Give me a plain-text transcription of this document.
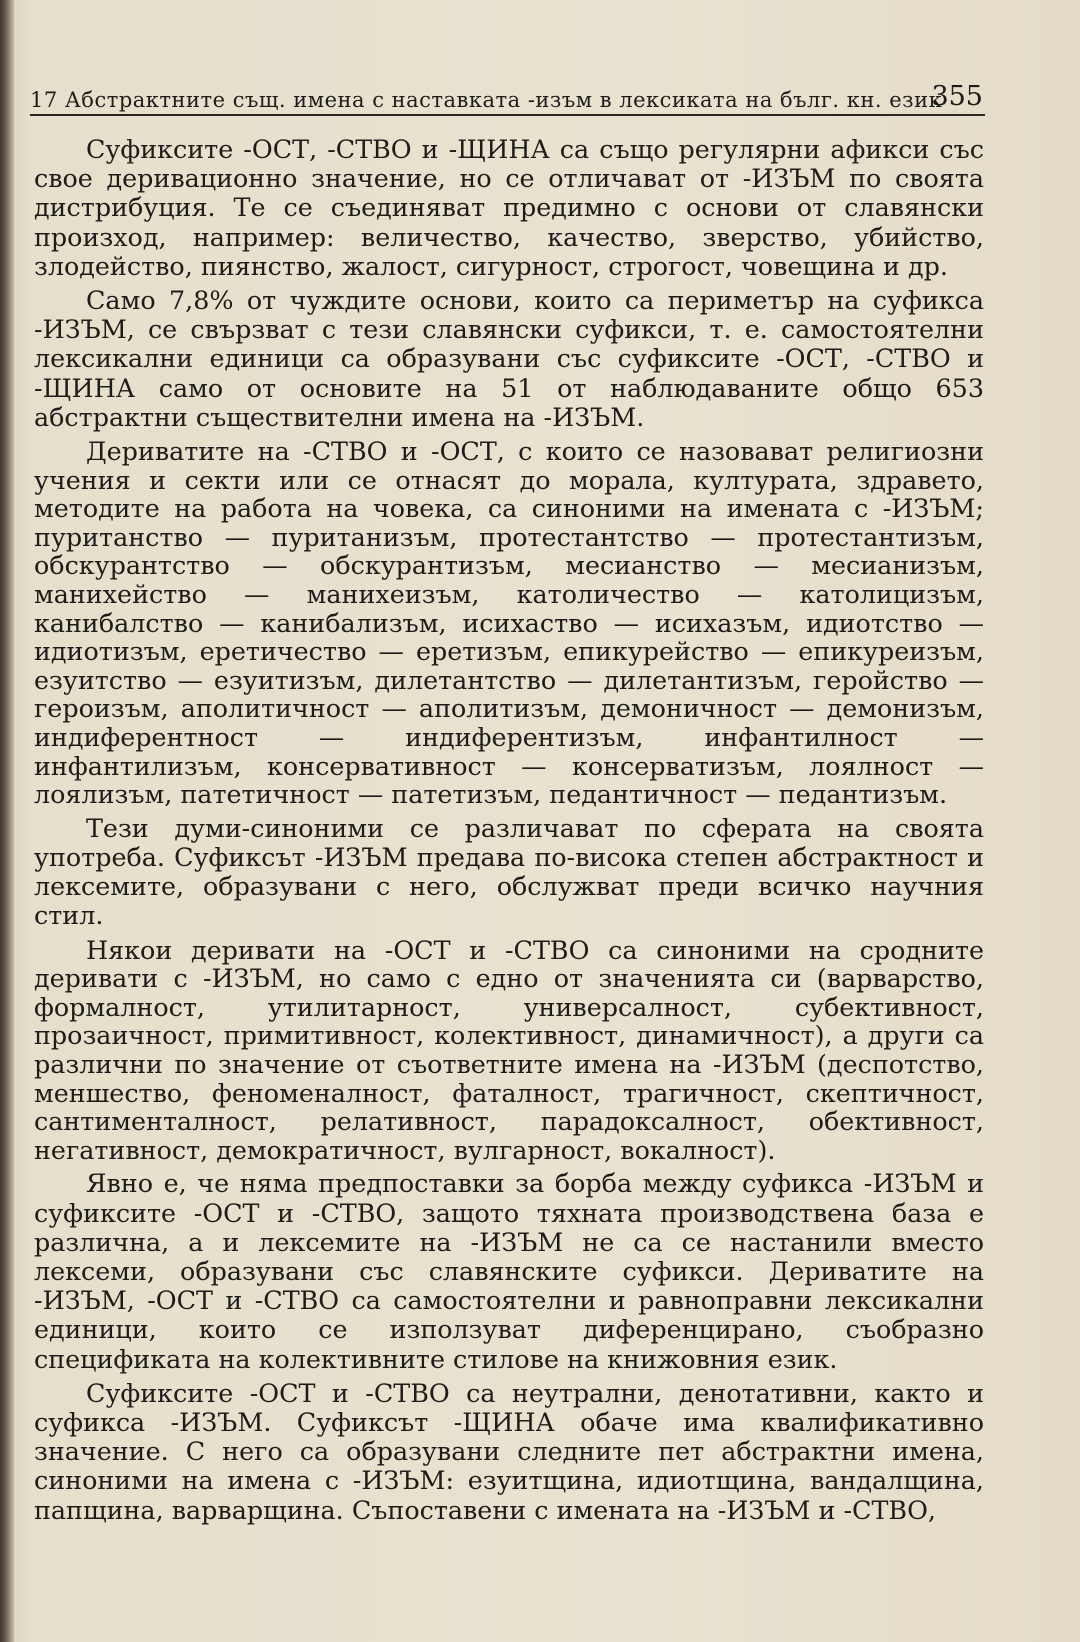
17 Абстрактните същ. имена с наставката -изъм в лексиката на бълг. кн. език
355

Суфиксите -ОСТ, -СТВО и -ЩИНА са също регулярни афикси със свое деривационно значение, но се отличават от -ИЗЪМ по своята дистрибуция. Те се съединяват предимно с основи от славянски произход, например: величество, качество, зверство, убийство, злодейство, пиянство, жалост, сигурност, строгост, човещина и др.

Само 7,8% от чуждите основи, които са периметър на суфикса -ИЗЪМ, се свързват с тези славянски суфикси, т. е. самостоятелни лексикални единици са образувани със суфиксите -ОСТ, -СТВО и -ЩИНА само от основите на 51 от наблюдаваните общо 653 абстрактни съществителни имена на -ИЗЪМ.

Дериватите на -СТВО и -ОСТ, с които се назовават религиозни учения и секти или се отнасят до морала, културата, здравето, методите на работа на човека, са синоними на имената с -ИЗЪМ; пуританство — пуританизъм, протестантство — протестантизъм, обскурантство — обскурантизъм, месианство — месианизъм, манихейство — манихеизъм, католичество — католицизъм, канибалство — канибализъм, исихаство — исихазъм, идиотство — идиотизъм, еретичество — еретизъм, епикурейство — епикуреизъм, езуитство — езуитизъм, дилетантство — дилетантизъм, геройство — героизъм, аполитичност — аполитизъм, демоничност — демонизъм, индиферентност — индиферентизъм, инфантилност — инфантилизъм, консервативност — консерватизъм, лоялност — лоялизъм, патетичност — патетизъм, педантичност — педантизъм.

Тези думи-синоними се различават по сферата на своята употреба. Суфиксът -ИЗЪМ предава по-висока степен абстрактност и лексемите, образувани с него, обслужват преди всичко научния стил.

Някои деривати на -ОСТ и -СТВО са синоними на сродните деривати с -ИЗЪМ, но само с едно от значенията си (варварство, формалност, утилитарност, универсалност, субективност, прозаичност, примитивност, колективност, динамичност), а други са различни по значение от съответните имена на -ИЗЪМ (деспотство, меншество, феноменалност, фаталност, трагичност, скептичност, сантименталност, релативност, парадоксалност, обективност, негативност, демократичност, вулгарност, вокалност).

Явно е, че няма предпоставки за борба между суфикса -ИЗЪМ и суфиксите -ОСТ и -СТВО, защото тяхната производствена база е различна, а и лексемите на -ИЗЪМ не са се настанили вместо лексеми, образувани със славянските суфикси. Дериватите на -ИЗЪМ, -ОСТ и -СТВО са самостоятелни и равноправни лексикални единици, които се използуват диференцирано, съобразно спецификата на колективните стилове на книжовния език.

Суфиксите -ОСТ и -СТВО са неутрални, денотативни, както и суфикса -ИЗЪМ. Суфиксът -ЩИНА обаче има квалификативно значение. С него са образувани следните пет абстрактни имена, синоними на имена с -ИЗЪМ: езуитщина, идиотщина, вандалщина, папщина, варварщина. Съпоставени с имената на -ИЗЪМ и -СТВО,
